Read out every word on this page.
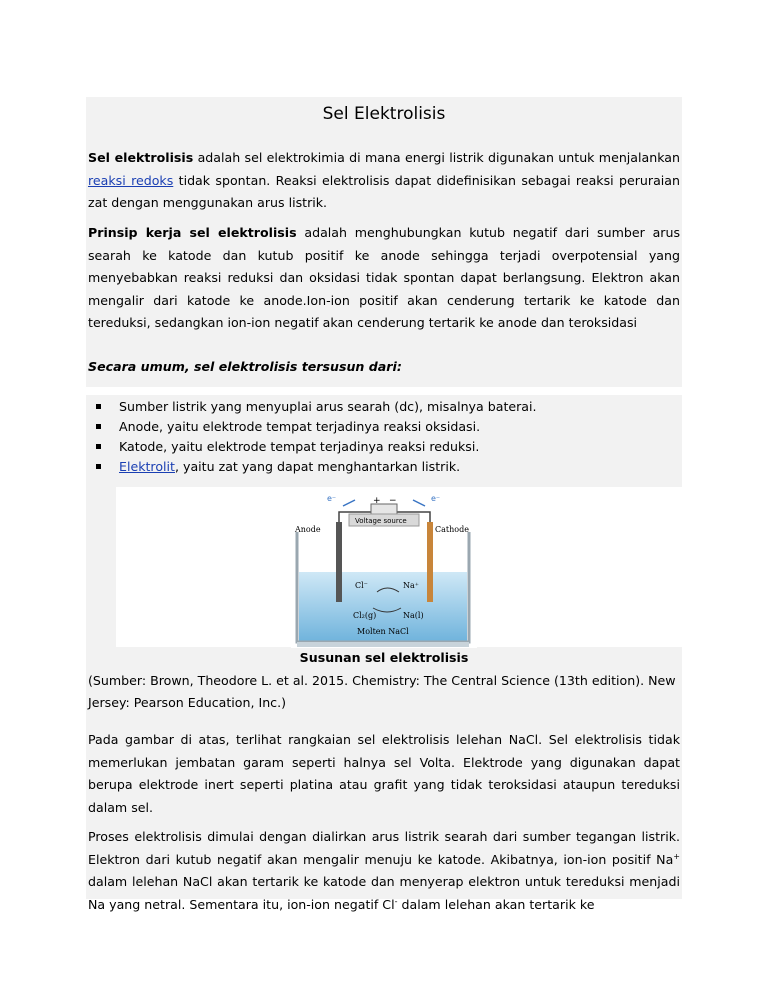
Sel Elektrolisis

Sel elektrolisis adalah sel elektrokimia di mana energi listrik digunakan untuk menjalankan reaksi redoks tidak spontan. Reaksi elektrolisis dapat didefinisikan sebagai reaksi peruraian zat dengan menggunakan arus listrik.

Prinsip kerja sel elektrolisis adalah menghubungkan kutub negatif dari sumber arus searah ke katode dan kutub positif ke anode sehingga terjadi overpotensial yang menyebabkan reaksi reduksi dan oksidasi tidak spontan dapat berlangsung. Elektron akan mengalir dari katode ke anode.Ion-ion positif akan cenderung tertarik ke katode dan tereduksi, sedangkan ion-ion negatif akan cenderung tertarik ke anode dan teroksidasi

Secara umum, sel elektrolisis tersusun dari:

Sumber listrik yang menyuplai arus searah (dc), misalnya baterai.
Anode, yaitu elektrode tempat terjadinya reaksi oksidasi.
Katode, yaitu elektrode tempat terjadinya reaksi reduksi.
Elektrolit, yaitu zat yang dapat menghantarkan listrik.
e⁻	e⁻
+ −
Voltage source
Anode	Cathode
Cl⁻	Na⁺
Cl₂(g)	Na(l)
Molten NaCl

Susunan sel elektrolisis

(Sumber: Brown, Theodore L. et al. 2015. Chemistry: The Central Science (13th edition). New Jersey: Pearson Education, Inc.)

Pada gambar di atas, terlihat rangkaian sel elektrolisis lelehan NaCl. Sel elektrolisis tidak memerlukan jembatan garam seperti halnya sel Volta. Elektrode yang digunakan dapat berupa elektrode inert seperti platina atau grafit yang tidak teroksidasi ataupun tereduksi dalam sel.

Proses elektrolisis dimulai dengan dialirkan arus listrik searah dari sumber tegangan listrik. Elektron dari kutub negatif akan mengalir menuju ke katode. Akibatnya, ion-ion positif Na+ dalam lelehan NaCl akan tertarik ke katode dan menyerap elektron untuk tereduksi menjadi Na yang netral. Sementara itu, ion-ion negatif Cl- dalam lelehan akan tertarik ke
